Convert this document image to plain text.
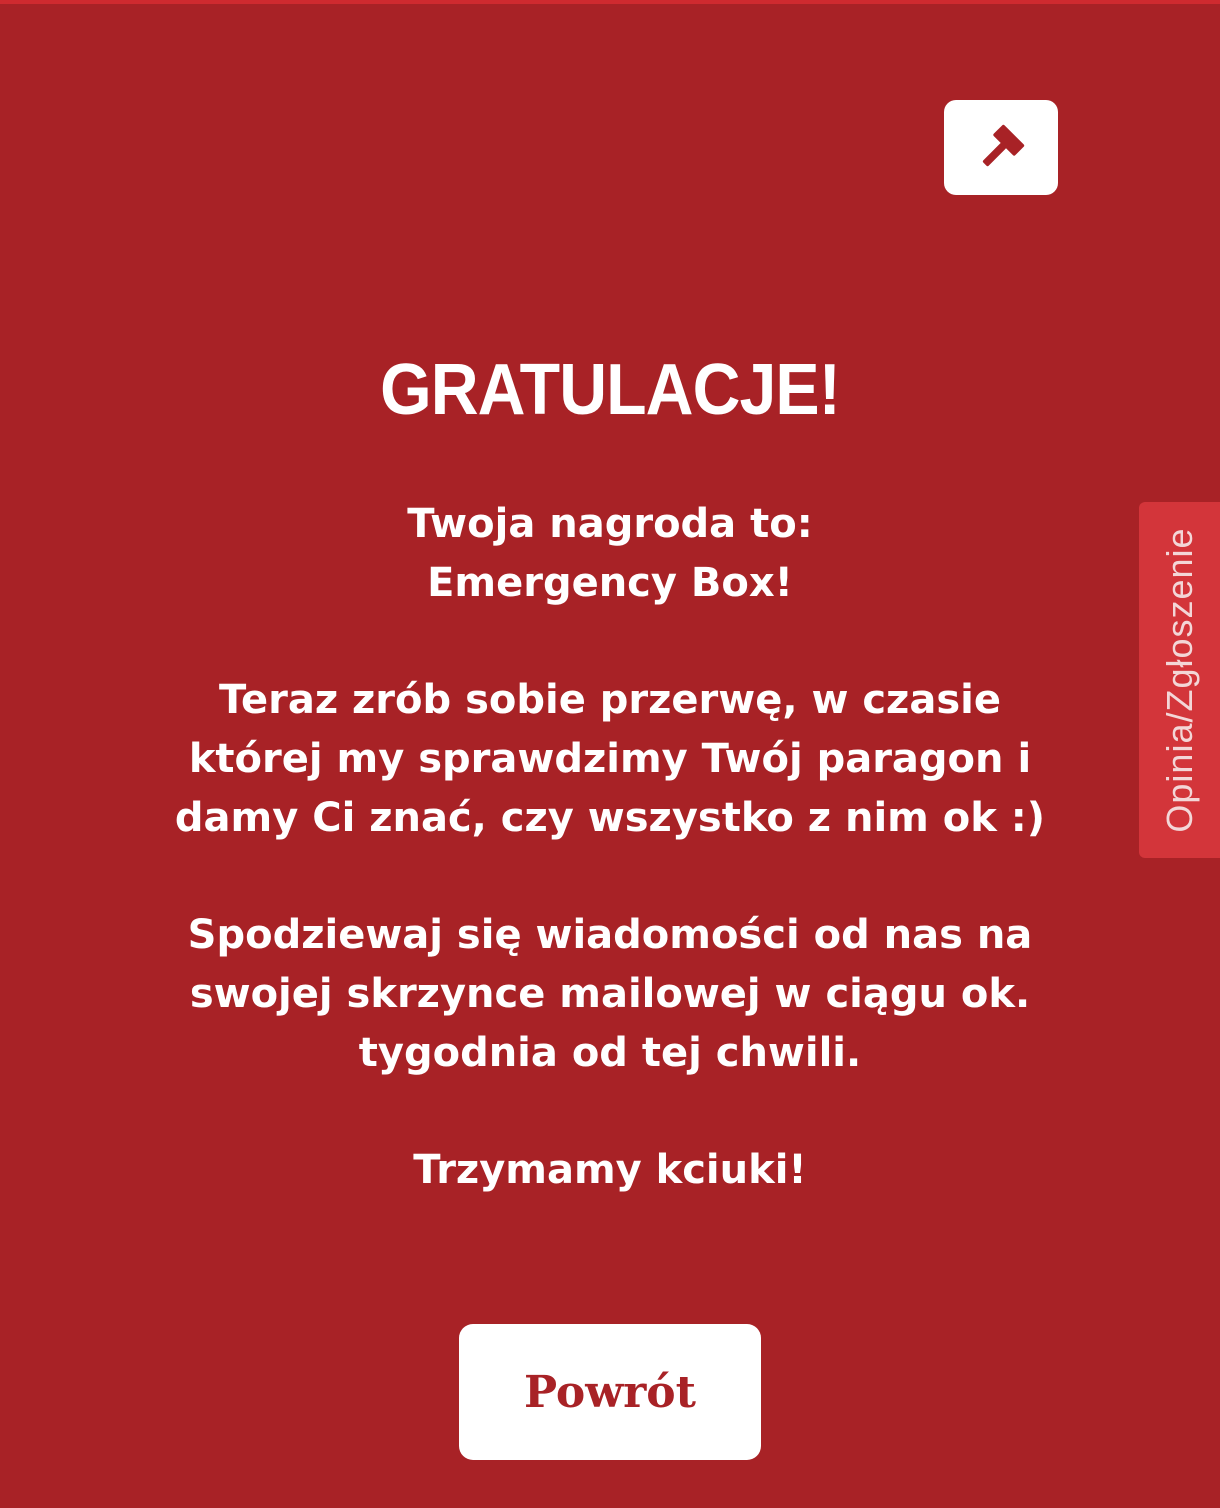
Opinia/Zgłoszenie
GRATULACJE!

Twoja nagroda to:
Emergency Box!

Teraz zrób sobie przerwę, w czasie której my sprawdzimy Twój paragon i damy Ci znać, czy wszystko z nim ok :)

Spodziewaj się wiadomości od nas na swojej skrzynce mailowej w ciągu ok. tygodnia od tej chwili.

Trzymamy kciuki!

Powrót
